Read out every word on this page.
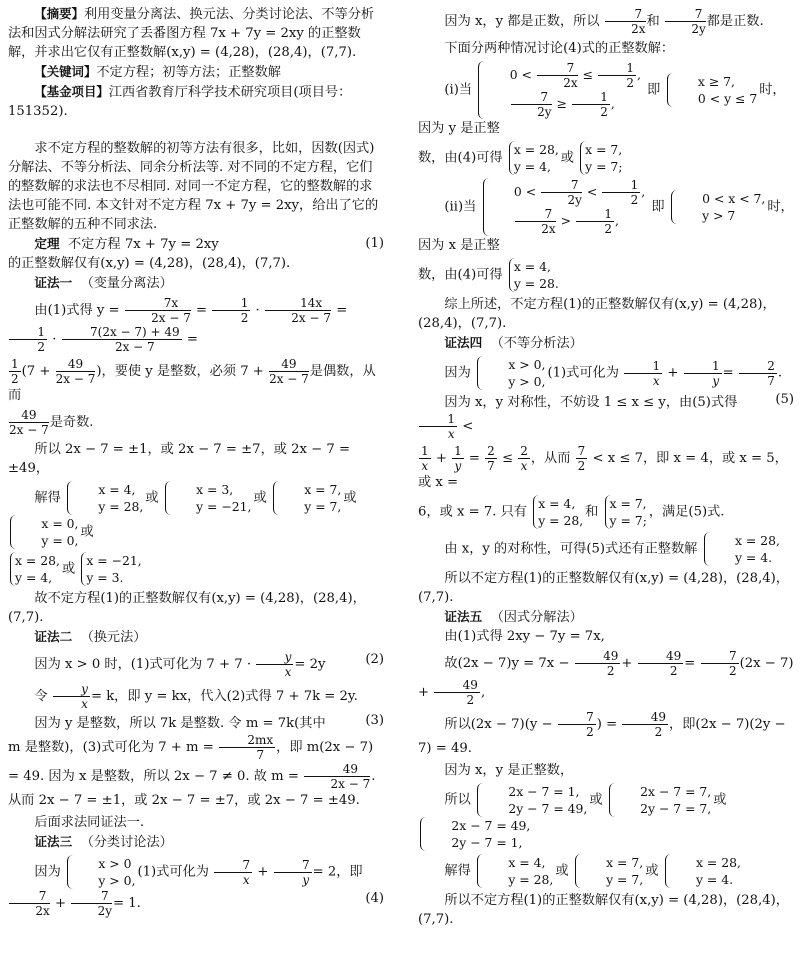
【摘要】利用变量分离法、换元法、分类讨论法、不等分析法和因式分解法研究了丢番图方程 7x + 7y = 2xy 的正整数解，并求出它仅有正整数解(x,y) = (4,28)，(28,4)，(7,7).

【关键词】不定方程；初等方法；正整数解

【基金项目】江西省教育厅科学技术研究项目(项目号：151352).

求不定方程的整数解的初等方法有很多，比如，因数(因式)分解法、不等分析法、同余分析法等. 对不同的不定方程，它们的整数解的求法也不尽相同. 对同一不定方程，它的整数解的求法也可能不同. 本文针对不定方程 7x + 7y = 2xy，给出了它的正整数解的五种不同求法.

定理 不定方程 7x + 7y = 2xy	(1)

的正整数解仅有(x,y) = (4,28)，(28,4)，(7,7).

证法一 （变量分离法）

由(1)式得 $y = \frac{7x}{2x - 7} = \frac{1}{2} \cdot \frac{14x}{2x - 7}$ =
$\frac{1}{2} \cdot \frac{7(2x - 7) + 49}{2x - 7}$ =

$\frac{1}{2} (7 + \frac{49}{2x - 7}$ )，要使 y 是整数，必须 $7 + \frac{49}{2x - 7}$ 是偶数，从而

$\frac{49}{2x - 7}$ 是奇数.

所以 2x − 7 = ±1，或 2x − 7 = ±7，或 2x − 7 = ±49，

解得
x = 4,
y = 28,
或
x = 3,
y = −21,
或
x = 7,
y = 7,
或
x = 0,
y = 0,
或

x = 28,
y = 4,
或
x = −21,
y = 3.

故不定方程(1)的正整数解仅有(x,y) = (4,28)，(28,4)，(7,7).

证法二 （换元法）

因为 x > 0 时，(1)式可化为 $7 + 7 \cdot \frac{y}{x} = 2y$	(2)

令 $\frac{y}{x} = k$，即 y = kx，代入(2)式得 7 + 7k = 2y.
(3)

因为 y 是整数，所以 7k 是整数. 令 m = 7k(其中 m 是整数)，(3)式可化为 $7 + m = \frac{2mx}{7}$ ，即 m(2x − 7) = 49. 因为 x 是整数，所以 2x − 7 ≠ 0. 故 $m = \frac{49}{2x - 7}$ . 从而 2x − 7 = ±1，或 2x − 7 = ±7，或 2x − 7 = ±49.

后面求法同证法一.

证法三 （分类讨论法）

因为
x > 0
y > 0,
(1)式可化为 $\frac{7}{x} + \frac{7}{y} = 2$，即
$\frac{7}{2x} + \frac{7}{2y} = 1$.	(4)

因为 x，y 都是正数，所以 $\frac{7}{2x}$ 和 $\frac{7}{2y}$ 都是正数.

下面分两种情况讨论(4)式的正整数解：

(ⅰ)当
$0 < \frac{7}{2x} \le \frac{1}{2}$ ,
$\frac{7}{2y} \ge \frac{1}{2}$ ,
即
x ≥ 7,
0 < y ≤ 7
时，因为 y 是正整

数，由(4)可得
x = 28,
y = 4,
或
x = 7,
y = 7;

(ⅱ)当
$0 < \frac{7}{2y} < \frac{1}{2}$ ,
$\frac{7}{2x} > \frac{1}{2}$ ,
即
0 < x < 7,
y > 7
时，因为 x 是正整

数，由(4)可得
x = 4,
y = 28.

综上所述，不定方程(1)的正整数解仅有(x,y) = (4,28)，(28,4)，(7,7).

证法四 （不等分析法）

因为
x > 0,
y > 0,
(1)式可化为 $\frac{1}{x} + \frac{1}{y} = \frac{2}{7}$ .
(5)

因为 x，y 对称性，不妨设 1 ≤ x ≤ y，由(5)式得
$\frac{1}{x}$ <

$\frac{1}{x} + \frac{1}{y} = \frac{2}{7} \le \frac{2}{x}$ ，从而 $\frac{7}{2} < x \le 7$，即 x = 4，或 x = 5，或 x =

6，或 x = 7. 只有
x = 4,
y = 28,
和
x = 7,
y = 7;
，满足(5)式.

由 x，y 的对称性，可得(5)式还有正整数解
x = 28,
y = 4.

所以不定方程(1)的正整数解仅有(x,y) = (4,28)，(28,4)，(7,7).

证法五 （因式分解法）

由(1)式得 2xy − 7y = 7x,

故$(2x - 7)y = 7x - \frac{49}{2} + \frac{49}{2} = \frac{7}{2} (2x - 7) + \frac{49}{2}$ ,

所以$(2x - 7)(y - \frac{7}{2}$ ) = $\frac{49}{2}$ ，即(2x − 7)(2y − 7) = 49.

因为 x，y 是正整数，

所以
2x − 7 = 1,
2y − 7 = 49,
或
2x − 7 = 7,
2y − 7 = 7,
或
2x − 7 = 49,
2y − 7 = 1,

解得
x = 4,
y = 28,
或
x = 7,
y = 7,
或
x = 28,
y = 4.

所以不定方程(1)的正整数解仅有(x,y) = (4,28)，(28,4)，(7,7).
